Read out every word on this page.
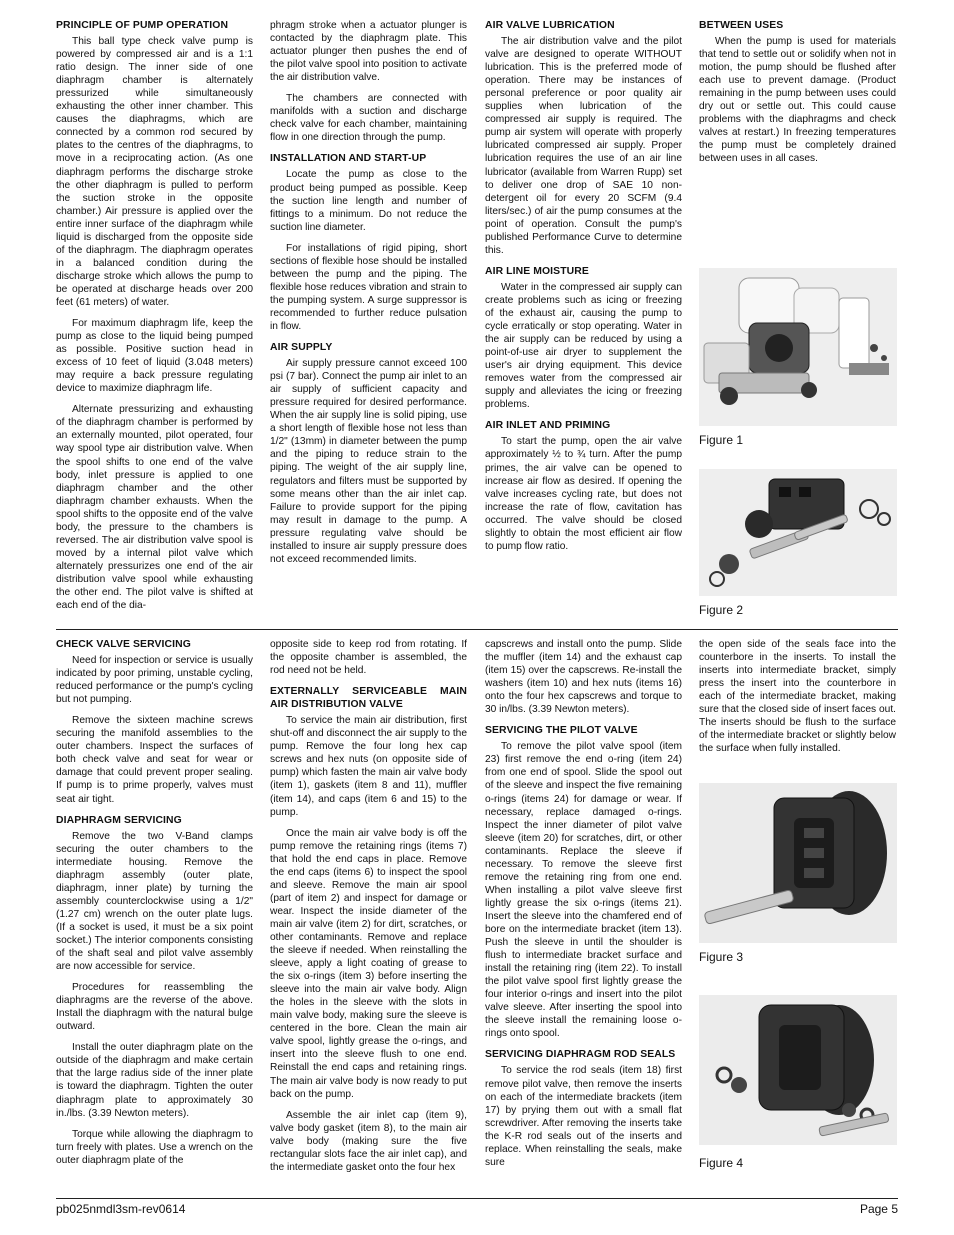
PRINCIPLE OF PUMP OPERATION

This ball type check valve pump is powered by compressed air and is a 1:1 ratio design. The inner side of one diaphragm chamber is alternately pressurized while simultaneously exhausting the other inner chamber. This causes the diaphragms, which are connected by a common rod secured by plates to the centres of the diaphragms, to move in a reciprocating action. (As one diaphragm performs the discharge stroke the other diaphragm is pulled to perform the suction stroke in the opposite chamber.) Air pressure is applied over the entire inner surface of the diaphragm while liquid is discharged from the opposite side of the diaphragm. The diaphragm operates in a balanced condition during the discharge stroke which allows the pump to be operated at discharge heads over 200 feet (61 meters) of water.

For maximum diaphragm life, keep the pump as close to the liquid being pumped as possible. Positive suction head in excess of 10 feet of liquid (3.048 meters) may require a back pressure regulating device to maximize diaphragm life.

Alternate pressurizing and exhausting of the diaphragm chamber is performed by an externally mounted, pilot operated, four way spool type air distribution valve. When the spool shifts to one end of the valve body, inlet pressure is applied to one diaphragm chamber and the other diaphragm chamber exhausts. When the spool shifts to the opposite end of the valve body, the pressure to the chambers is reversed. The air distribution valve spool is moved by a internal pilot valve which alternately pressurizes one end of the air distribution valve spool while exhausting the other end. The pilot valve is shifted at each end of the dia-

phragm stroke when a actuator plunger is contacted by the diaphragm plate. This actuator plunger then pushes the end of the pilot valve spool into position to activate the air distribution valve.

The chambers are connected with manifolds with a suction and discharge check valve for each chamber, maintaining flow in one direction through the pump.

INSTALLATION AND START-UP

Locate the pump as close to the product being pumped as possible. Keep the suction line length and number of fittings to a minimum. Do not reduce the suction line diameter.

For installations of rigid piping, short sections of flexible hose should be installed between the pump and the piping. The flexible hose reduces vibration and strain to the pumping system. A surge suppressor is recommended to further reduce pulsation in flow.

AIR SUPPLY

Air supply pressure cannot exceed 100 psi (7 bar). Connect the pump air inlet to an air supply of sufficient capacity and pressure required for desired performance. When the air supply line is solid piping, use a short length of flexible hose not less than 1/2" (13mm) in diameter between the pump and the piping to reduce strain to the piping. The weight of the air supply line, regulators and filters must be supported by some means other than the air inlet cap. Failure to provide support for the piping may result in damage to the pump. A pressure regulating valve should be installed to insure air supply pressure does not exceed recommended limits.

AIR VALVE LUBRICATION

The air distribution valve and the pilot valve are designed to operate WITHOUT lubrication. This is the preferred mode of operation. There may be instances of personal preference or poor quality air supplies when lubrication of the compressed air supply is required. The pump air system will operate with properly lubricated compressed air supply. Proper lubrication requires the use of an air line lubricator (available from Warren Rupp) set to deliver one drop of SAE 10 non-detergent oil for every 20 SCFM (9.4 liters/sec.) of air the pump consumes at the point of operation. Consult the pump's published Performance Curve to determine this.

AIR LINE MOISTURE

Water in the compressed air supply can create problems such as icing or freezing of the exhaust air, causing the pump to cycle erratically or stop operating. Water in the air supply can be reduced by using a point-of-use air dryer to supplement the user's air drying equipment. This device removes water from the compressed air supply and alleviates the icing or freezing problems.

AIR INLET AND PRIMING

To start the pump, open the air valve approximately ½ to ¾ turn. After the pump primes, the air valve can be opened to increase air flow as desired. If opening the valve increases cycling rate, but does not increase the rate of flow, cavitation has occurred. The valve should be closed slightly to obtain the most efficient air flow to pump flow ratio.

BETWEEN USES

When the pump is used for materials that tend to settle out or solidify when not in motion, the pump should be flushed after each use to prevent damage. (Product remaining in the pump between uses could dry out or settle out. This could cause problems with the diaphragms and check valves at restart.) In freezing temperatures the pump must be completely drained between uses in all cases.

Figure 1
Figure 2
CHECK VALVE SERVICING

Need for inspection or service is usually indicated by poor priming, unstable cycling, reduced performance or the pump's cycling but not pumping.

Remove the sixteen machine screws securing the manifold assemblies to the outer chambers. Inspect the surfaces of both check valve and seat for wear or damage that could prevent proper sealing. If pump is to prime properly, valves must seat air tight.

DIAPHRAGM SERVICING

Remove the two V-Band clamps securing the outer chambers to the intermediate housing. Remove the diaphragm assembly (outer plate, diaphragm, inner plate) by turning the assembly counterclockwise using a 1/2" (1.27 cm) wrench on the outer plate lugs. (If a socket is used, it must be a six point socket.) The interior components consisting of the shaft seal and pilot valve assembly are now accessible for service.

Procedures for reassembling the diaphragms are the reverse of the above. Install the diaphragm with the natural bulge outward.

Install the outer diaphragm plate on the outside of the diaphragm and make certain that the large radius side of the inner plate is toward the diaphragm. Tighten the outer diaphragm plate to approximately 30 in./lbs. (3.39 Newton meters).

Torque while allowing the diaphragm to turn freely with plates. Use a wrench on the outer diaphragm plate of the

opposite side to keep rod from rotating. If the opposite chamber is assembled, the rod need not be held.

EXTERNALLY SERVICEABLE MAIN AIR DISTRIBUTION VALVE

To service the main air distribution, first shut-off and disconnect the air supply to the pump. Remove the four long hex cap screws and hex nuts (on opposite side of pump) which fasten the main air valve body (item 1), gaskets (item 8 and 11), muffler (item 14), and caps (item 6 and 15) to the pump.

Once the main air valve body is off the pump remove the retaining rings (items 7) that hold the end caps in place. Remove the end caps (items 6) to inspect the spool and sleeve. Remove the main air spool (part of item 2) and inspect for damage or wear. Inspect the inside diameter of the main air valve (item 2) for dirt, scratches, or other contaminants. Remove and replace the sleeve if needed. When reinstalling the sleeve, apply a light coating of grease to the six o-rings (item 3) before inserting the sleeve into the main air valve body. Align the holes in the sleeve with the slots in main valve body, making sure the sleeve is centered in the bore. Clean the main air valve spool, lightly grease the o-rings, and insert into the sleeve flush to one end. Reinstall the end caps and retaining rings. The main air valve body is now ready to put back on the pump.

Assemble the air inlet cap (item 9), valve body gasket (item 8), to the main air valve body (making sure the five rectangular slots face the air inlet cap), and the intermediate gasket onto the four hex

capscrews and install onto the pump. Slide the muffler (item 14) and the exhaust cap (item 15) over the capscrews. Re-install the washers (item 10) and hex nuts (items 16) onto the four hex capscrews and torque to 30 in/lbs. (3.39 Newton meters).

SERVICING THE PILOT VALVE

To remove the pilot valve spool (item 23) first remove the end o-ring (item 24) from one end of spool. Slide the spool out of the sleeve and inspect the five remaining o-rings (items 24) for damage or wear. If necessary, replace damaged o-rings. Inspect the inner diameter of pilot valve sleeve (item 20) for scratches, dirt, or other contaminants. Replace the sleeve if necessary. To remove the sleeve first remove the retaining ring from one end. When installing a pilot valve sleeve first lightly grease the six o-rings (items 21). Insert the sleeve into the chamfered end of bore on the intermediate bracket (item 13). Push the sleeve in until the shoulder is flush to intermediate bracket surface and install the retaining ring (item 22). To install the pilot valve spool first lightly grease the four interior o-rings and insert into the pilot valve sleeve. After inserting the spool into the sleeve install the remaining loose o-rings onto spool.

SERVICING DIAPHRAGM ROD SEALS

To service the rod seals (item 18) first remove pilot valve, then remove the inserts on each of the intermediate brackets (item 17) by prying them out with a small flat screwdriver. After removing the inserts take the K-R rod seals out of the inserts and replace. When reinstalling the seals, make sure

the open side of the seals face into the counterbore in the inserts. To install the inserts into intermediate bracket, simply press the insert into the counterbore in each of the intermediate bracket, making sure that the closed side of insert faces out. The inserts should be flush to the surface of the intermediate bracket or slightly below the surface when fully installed.

Figure 3
Figure 4
pb025nmdl3sm-rev0614	Page 5
